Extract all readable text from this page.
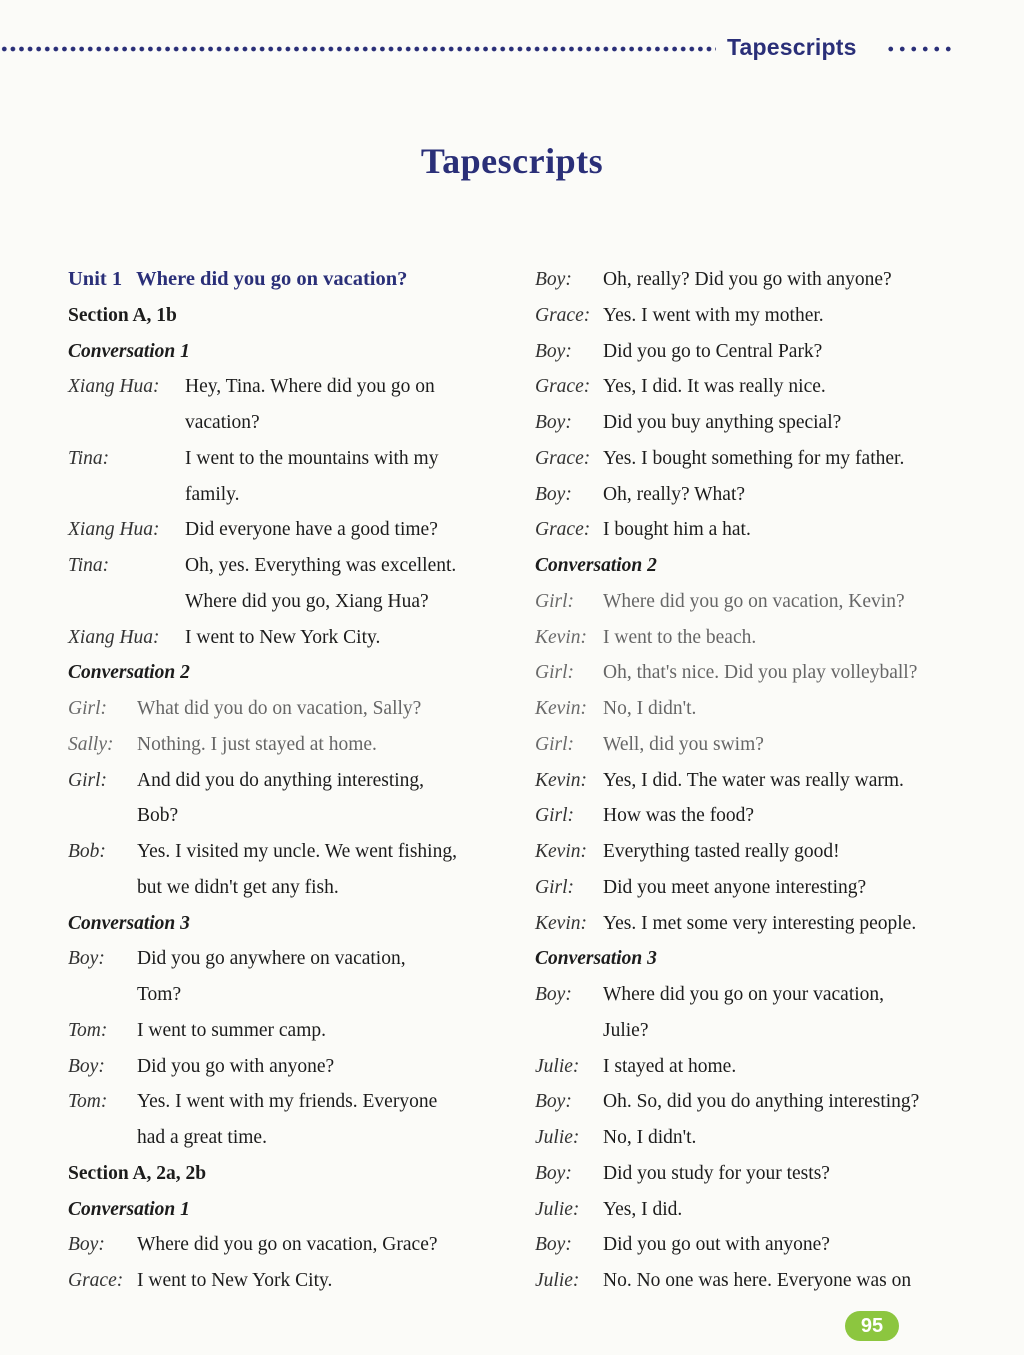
Tapescripts
Tapescripts
Unit 1 Where did you go on vacation?
Section A, 1b
Conversation 1
Xiang Hua: Hey, Tina. Where did you go on
vacation?
Tina:	I went to the mountains with my
family.
Xiang Hua: Did everyone have a good time?
Tina:	Oh, yes. Everything was excellent.
Where did you go, Xiang Hua?
Xiang Hua: I went to New York City.
Conversation 2
Girl: What did you do on vacation, Sally?
Sally: Nothing. I just stayed at home.
Girl: And did you do anything interesting,
Bob?
Bob: Yes. I visited my uncle. We went fishing,
but we didn't get any fish.
Conversation 3
Boy: Did you go anywhere on vacation,
Tom?
Tom: I went to summer camp.
Boy: Did you go with anyone?
Tom: Yes. I went with my friends. Everyone
had a great time.
Section A, 2a, 2b
Conversation 1
Boy: Where did you go on vacation, Grace?
Grace: I went to New York City.
Boy: Oh, really? Did you go with anyone?
Grace: Yes. I went with my mother.
Boy: Did you go to Central Park?
Grace: Yes, I did. It was really nice.
Boy: Did you buy anything special?
Grace: Yes. I bought something for my father.
Boy: Oh, really? What?
Grace: I bought him a hat.
Conversation 2
Girl: Where did you go on vacation, Kevin?
Kevin: I went to the beach.
Girl: Oh, that's nice. Did you play volleyball?
Kevin: No, I didn't.
Girl: Well, did you swim?
Kevin: Yes, I did. The water was really warm.
Girl: How was the food?
Kevin: Everything tasted really good!
Girl: Did you meet anyone interesting?
Kevin: Yes. I met some very interesting people.
Conversation 3
Boy: Where did you go on your vacation,
Julie?
Julie: I stayed at home.
Boy: Oh. So, did you do anything interesting?
Julie: No, I didn't.
Boy: Did you study for your tests?
Julie: Yes, I did.
Boy: Did you go out with anyone?
Julie: No. No one was here. Everyone was on
95
